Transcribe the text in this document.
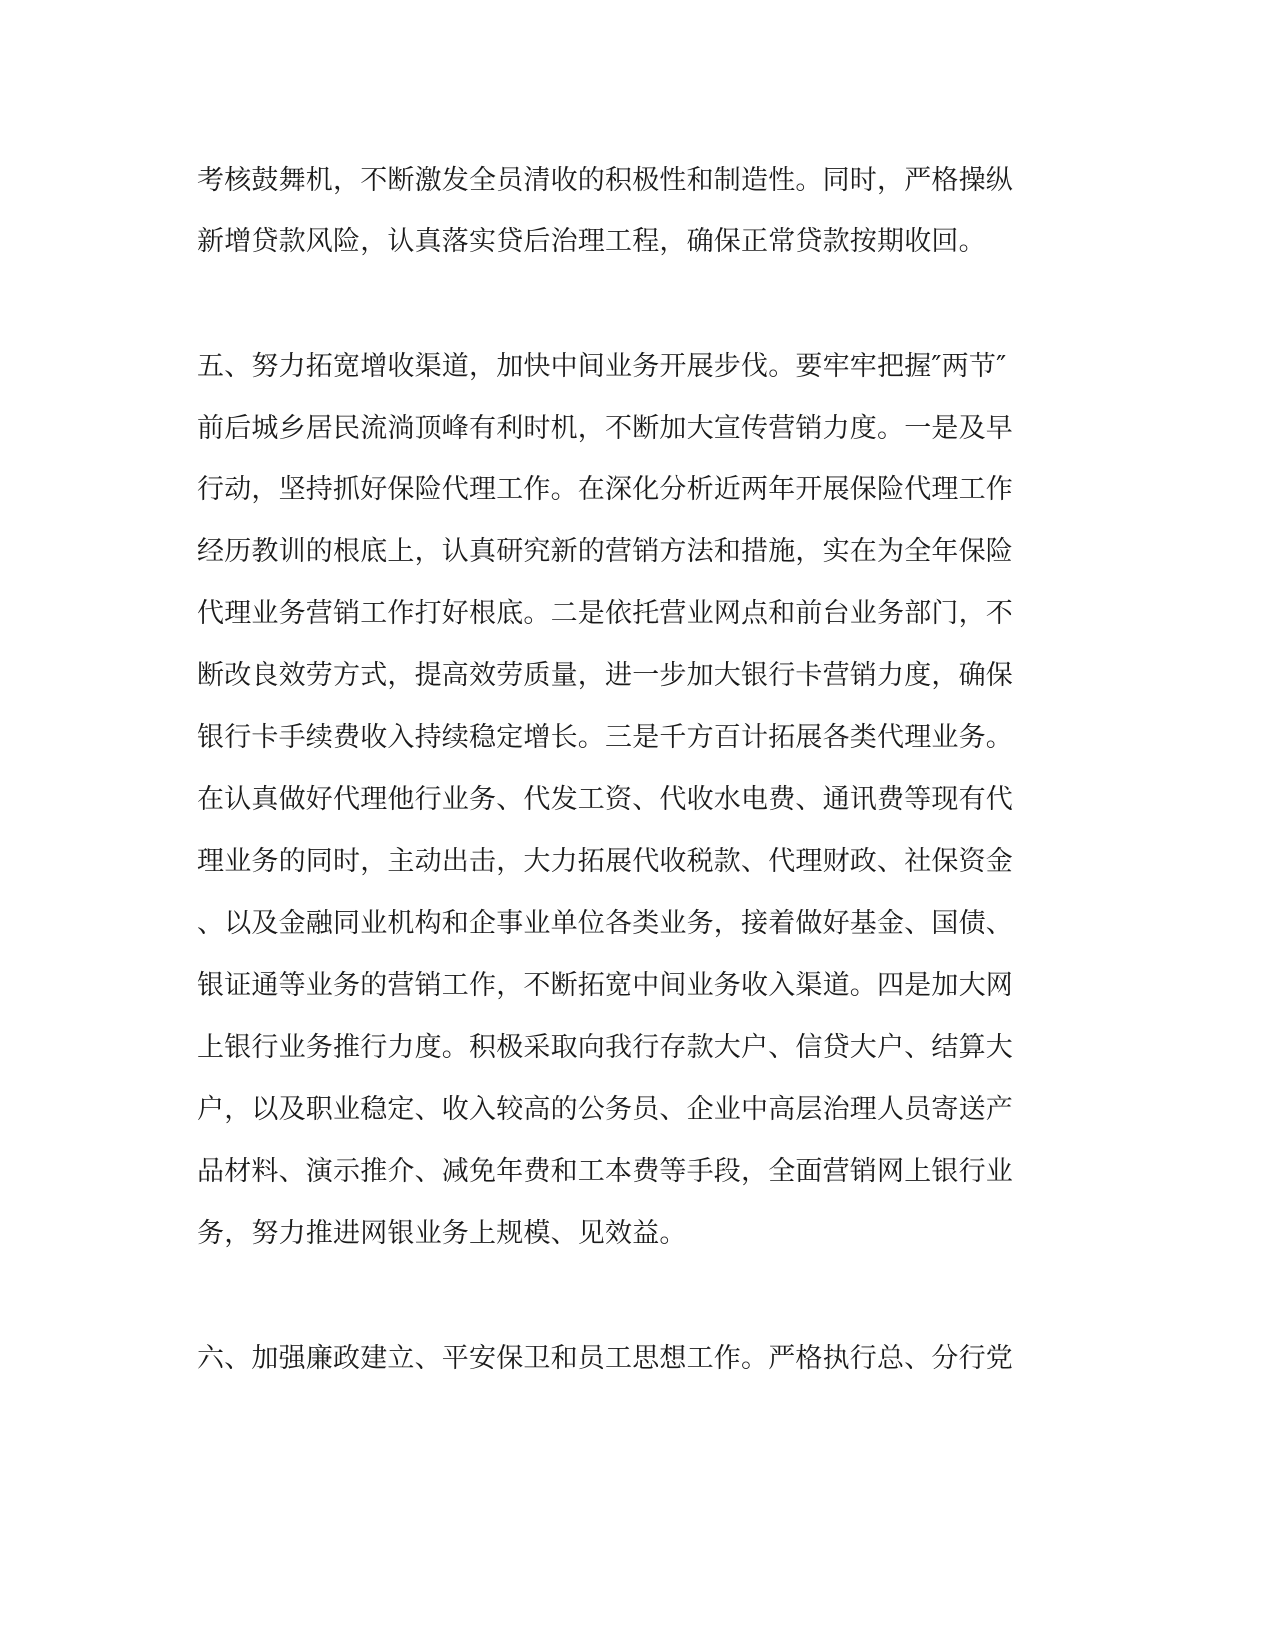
考核鼓舞机，不断激发全员清收的积极性和制造性。同时，严格操纵
新增贷款风险，认真落实贷后治理工程，确保正常贷款按期收回。
五、努力拓宽增收渠道，加快中间业务开展步伐。要牢牢把握″两节″
前后城乡居民流淌顶峰有利时机，不断加大宣传营销力度。一是及早
行动，坚持抓好保险代理工作。在深化分析近两年开展保险代理工作
经历教训的根底上，认真研究新的营销方法和措施，实在为全年保险
代理业务营销工作打好根底。二是依托营业网点和前台业务部门，不
断改良效劳方式，提高效劳质量，进一步加大银行卡营销力度，确保
银行卡手续费收入持续稳定增长。三是千方百计拓展各类代理业务。
在认真做好代理他行业务、代发工资、代收水电费、通讯费等现有代
理业务的同时，主动出击，大力拓展代收税款、代理财政、社保资金
、以及金融同业机构和企事业单位各类业务，接着做好基金、国债、
银证通等业务的营销工作，不断拓宽中间业务收入渠道。四是加大网
上银行业务推行力度。积极采取向我行存款大户、信贷大户、结算大
户，以及职业稳定、收入较高的公务员、企业中高层治理人员寄送产
品材料、演示推介、减免年费和工本费等手段，全面营销网上银行业
务，努力推进网银业务上规模、见效益。
六、加强廉政建立、平安保卫和员工思想工作。严格执行总、分行党
